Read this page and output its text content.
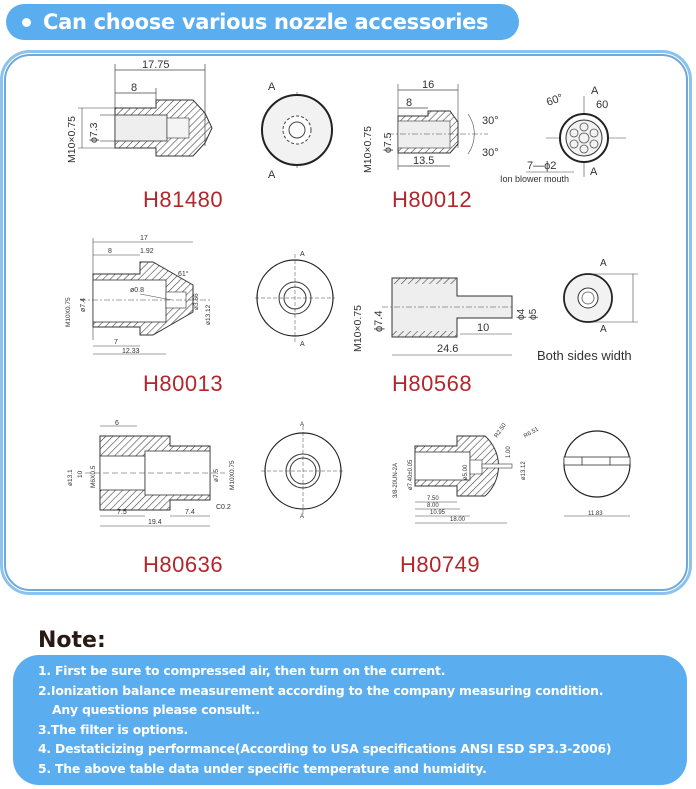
Can choose various nozzle accessories
17.75
8
M10×0.75 ϕ7.3
A
A
H81480
16
8
30°
30°
13.5
M10×0.75 ϕ7.5
A
60°	60
A
7—ϕ2
Ion blower mouth
H80012
17
8	1.92
61°
ø0.8
M10X0.75 ø7.4	ø3.66
ø13.12
7
12.33
A
A
H80013
M10×0.75 ϕ7.4	ϕ4 ϕ5
10
24.6
A
A
Both sides width
H80568
6
ø13.1 10 M6X0.5	ø7.5 M10X0.75
C0.2
7.5	7.4
19.4
A
A
H80636
3/8-20UN-2A ø7.40±0.05	ø5.00
1.00
ø13.12
R2.50	R6.51
7.50
8.00
10.95
18.00
11.83
H80749
Note:
1. First be sure to compressed air, then turn on the current.
2.Ionization balance measurement according to the company measuring condition.
Any questions please consult..
3.The filter is options.
4. Destaticizing performance(According to USA specifications ANSI ESD SP3.3-2006)
5. The above table data under specific temperature and humidity.
